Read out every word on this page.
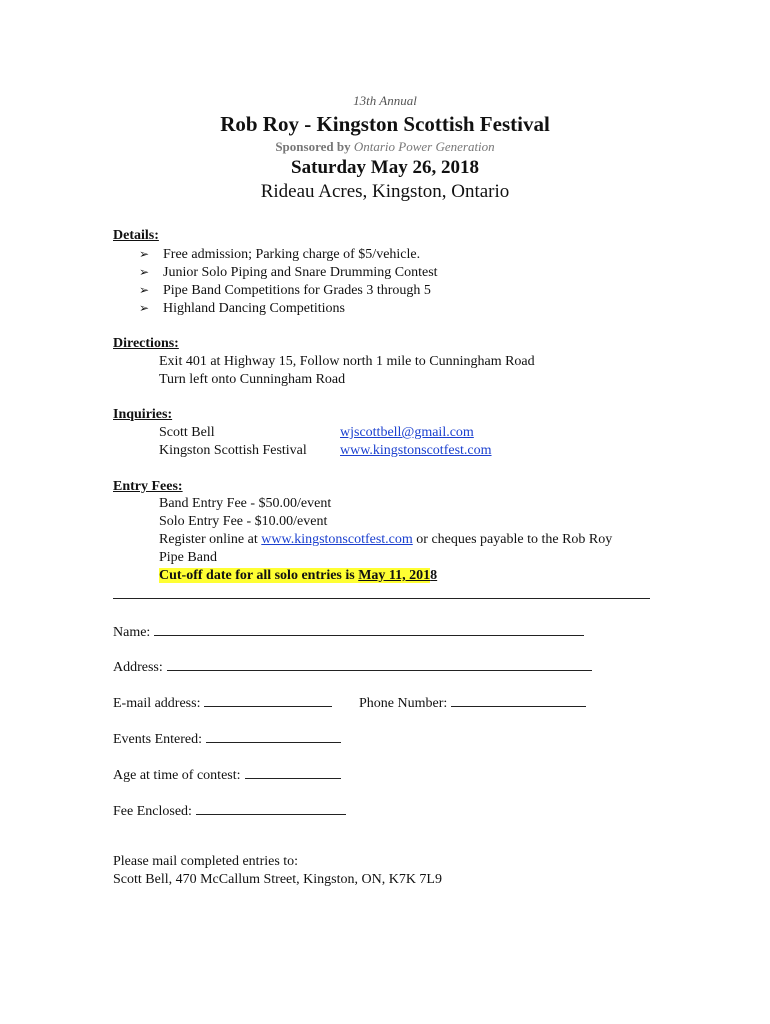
13th Annual
Rob Roy - Kingston Scottish Festival
Sponsored by Ontario Power Generation
Saturday May 26, 2018
Rideau Acres, Kingston, Ontario
Details:
➢ Free admission; Parking charge of $5/vehicle.
➢ Junior Solo Piping and Snare Drumming Contest
➢ Pipe Band Competitions for Grades 3 through 5
➢ Highland Dancing Competitions
Directions:
Exit 401 at Highway 15, Follow north 1 mile to Cunningham Road
Turn left onto Cunningham Road
Inquiries:
Scott Bell	wjscottbell@gmail.com
Kingston Scottish Festival www.kingstonscotfest.com
Entry Fees:
Band Entry Fee - $50.00/event
Solo Entry Fee - $10.00/event
Register online at www.kingstonscotfest.com or cheques payable to the Rob Roy
Pipe Band
Cut-off date for all solo entries is May 11, 2018
Name:
Address:
E-mail address:	Phone Number:
Events Entered:
Age at time of contest:
Fee Enclosed:
Please mail completed entries to:
Scott Bell, 470 McCallum Street, Kingston, ON, K7K 7L9
